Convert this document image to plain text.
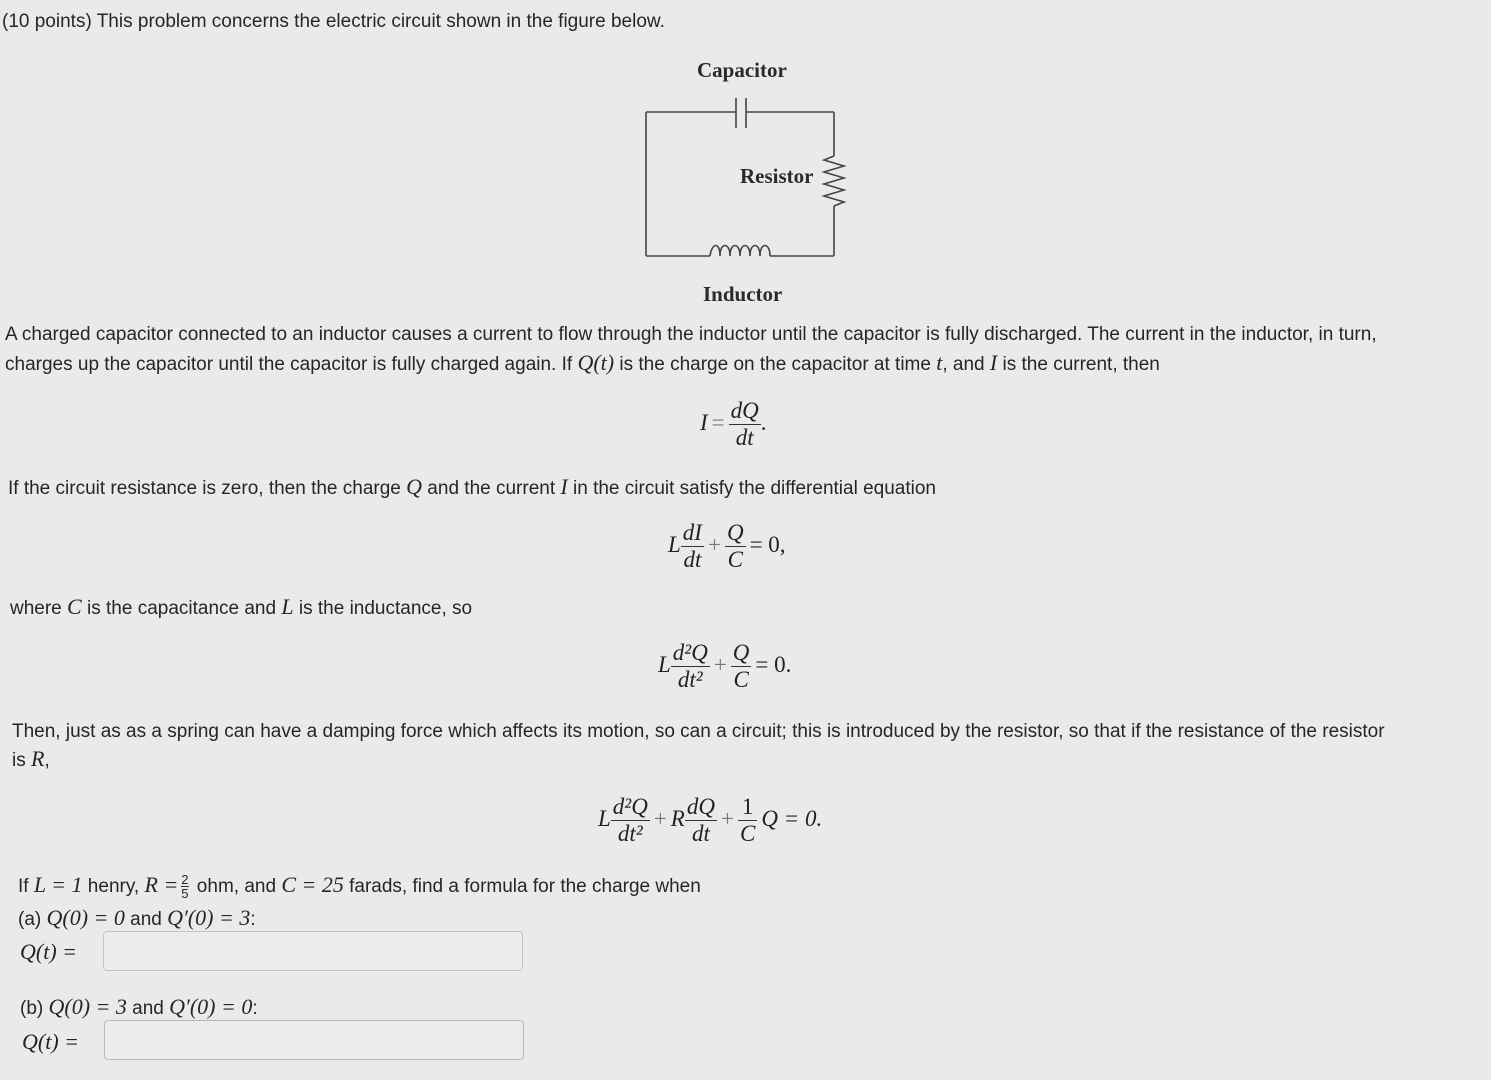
(10 points) This problem concerns the electric circuit shown in the figure below.
Capacitor
Resistor
Inductor
A charged capacitor connected to an inductor causes a current to flow through the inductor until the capacitor is fully discharged. The current in the inductor, in turn,
charges up the capacitor until the capacitor is fully charged again. If Q(t) is the charge on the capacitor at time t, and I is the current, then
$I = \frac{dQ}{dt}$ .
If the circuit resistance is zero, then the charge Q and the current I in the circuit satisfy the differential equation
L $\frac{dI}{dt} + \frac{Q}{C} = 0$,
where C is the capacitance and L is the inductance, so
L $\frac{\text{d²Q}}{\text{dt²}} + \frac{Q}{C} = 0$.
Then, just as as a spring can have a damping force which affects its motion, so can a circuit; this is introduced by the resistor, so that if the resistance of the resistor
is R,
L $\frac{\text{d²Q}}{\text{dt²}} + R \frac{dQ}{dt} + \frac{1}{C}$ Q = 0.
If L = 1 henry, $R = \frac{2}{5}$ ohm, and C = 25 farads, find a formula for the charge when
(a) Q(0) = 0 and Q′(0) = 3:
Q(t) =
(b) Q(0) = 3 and Q′(0) = 0:
Q(t) =
